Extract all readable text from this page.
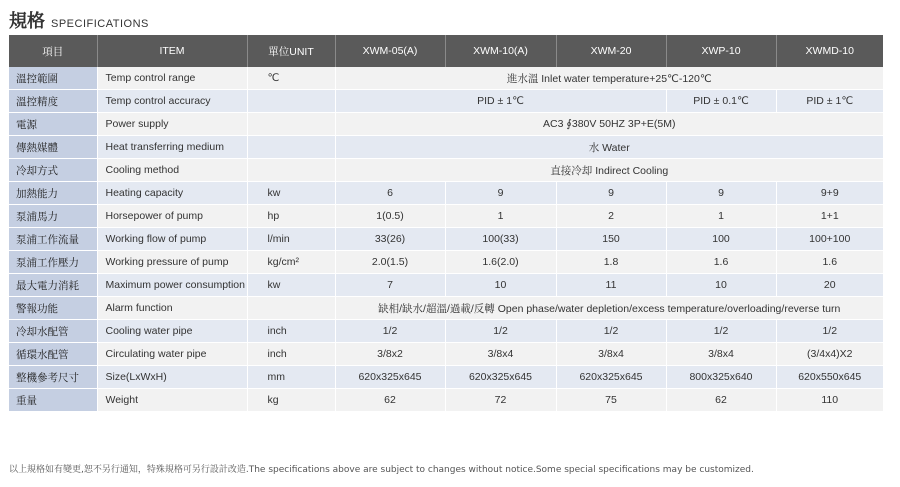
規格 SPECIFICATIONS
項目	ITEM	單位UNIT	XWM-05(A)	XWM-10(A)	XWM-20	XWP-10	XWMD-10
溫控範圍	Temp control range	℃	進水溫 Inlet water temperature+25℃-120℃				
溫控精度	Temp control accuracy		PID ± 1℃			PID ± 0.1℃	PID ± 1℃
電源	Power supply		AC3 ∮380V 50HZ 3P+E(5M)				
傳熱媒體	Heat transferring medium		水 Water				
冷却方式	Cooling method		直接冷却 Indirect Cooling				
加熱能力	Heating capacity	kw	6	9	9	9	9+9
泵浦馬力	Horsepower of pump	hp	1(0.5)	1	2	1	1+1
泵浦工作流量	Working flow of pump	l/min	33(26)	100(33)	150	100	100+100
泵浦工作壓力	Working pressure of pump	kg/cm²	2.0(1.5)	1.6(2.0)	1.8	1.6	1.6
最大電力消耗	Maximum power consumption	kw	7	10	11	10	20
警報功能	Alarm function		缺相/缺水/超溫/過載/反轉 Open phase/water depletion/excess temperature/overloading/reverse turn				
冷却水配管	Cooling water pipe	inch	1/2	1/2	1/2	1/2	1/2
循環水配管	Circulating water pipe	inch	3/8x2	3/8x4	3/8x4	3/8x4	(3/4x4)X2
整機參考尺寸	Size(LxWxH)	mm	620x325x645	620x325x645	620x325x645	800x325x640	620x550x645
重量	Weight	kg	62	72	75	62	110
以上規格如有變更,恕不另行通知，特殊規格可另行設計改造.The specifications above are subject to changes without notice.Some special specifications may be customized.
